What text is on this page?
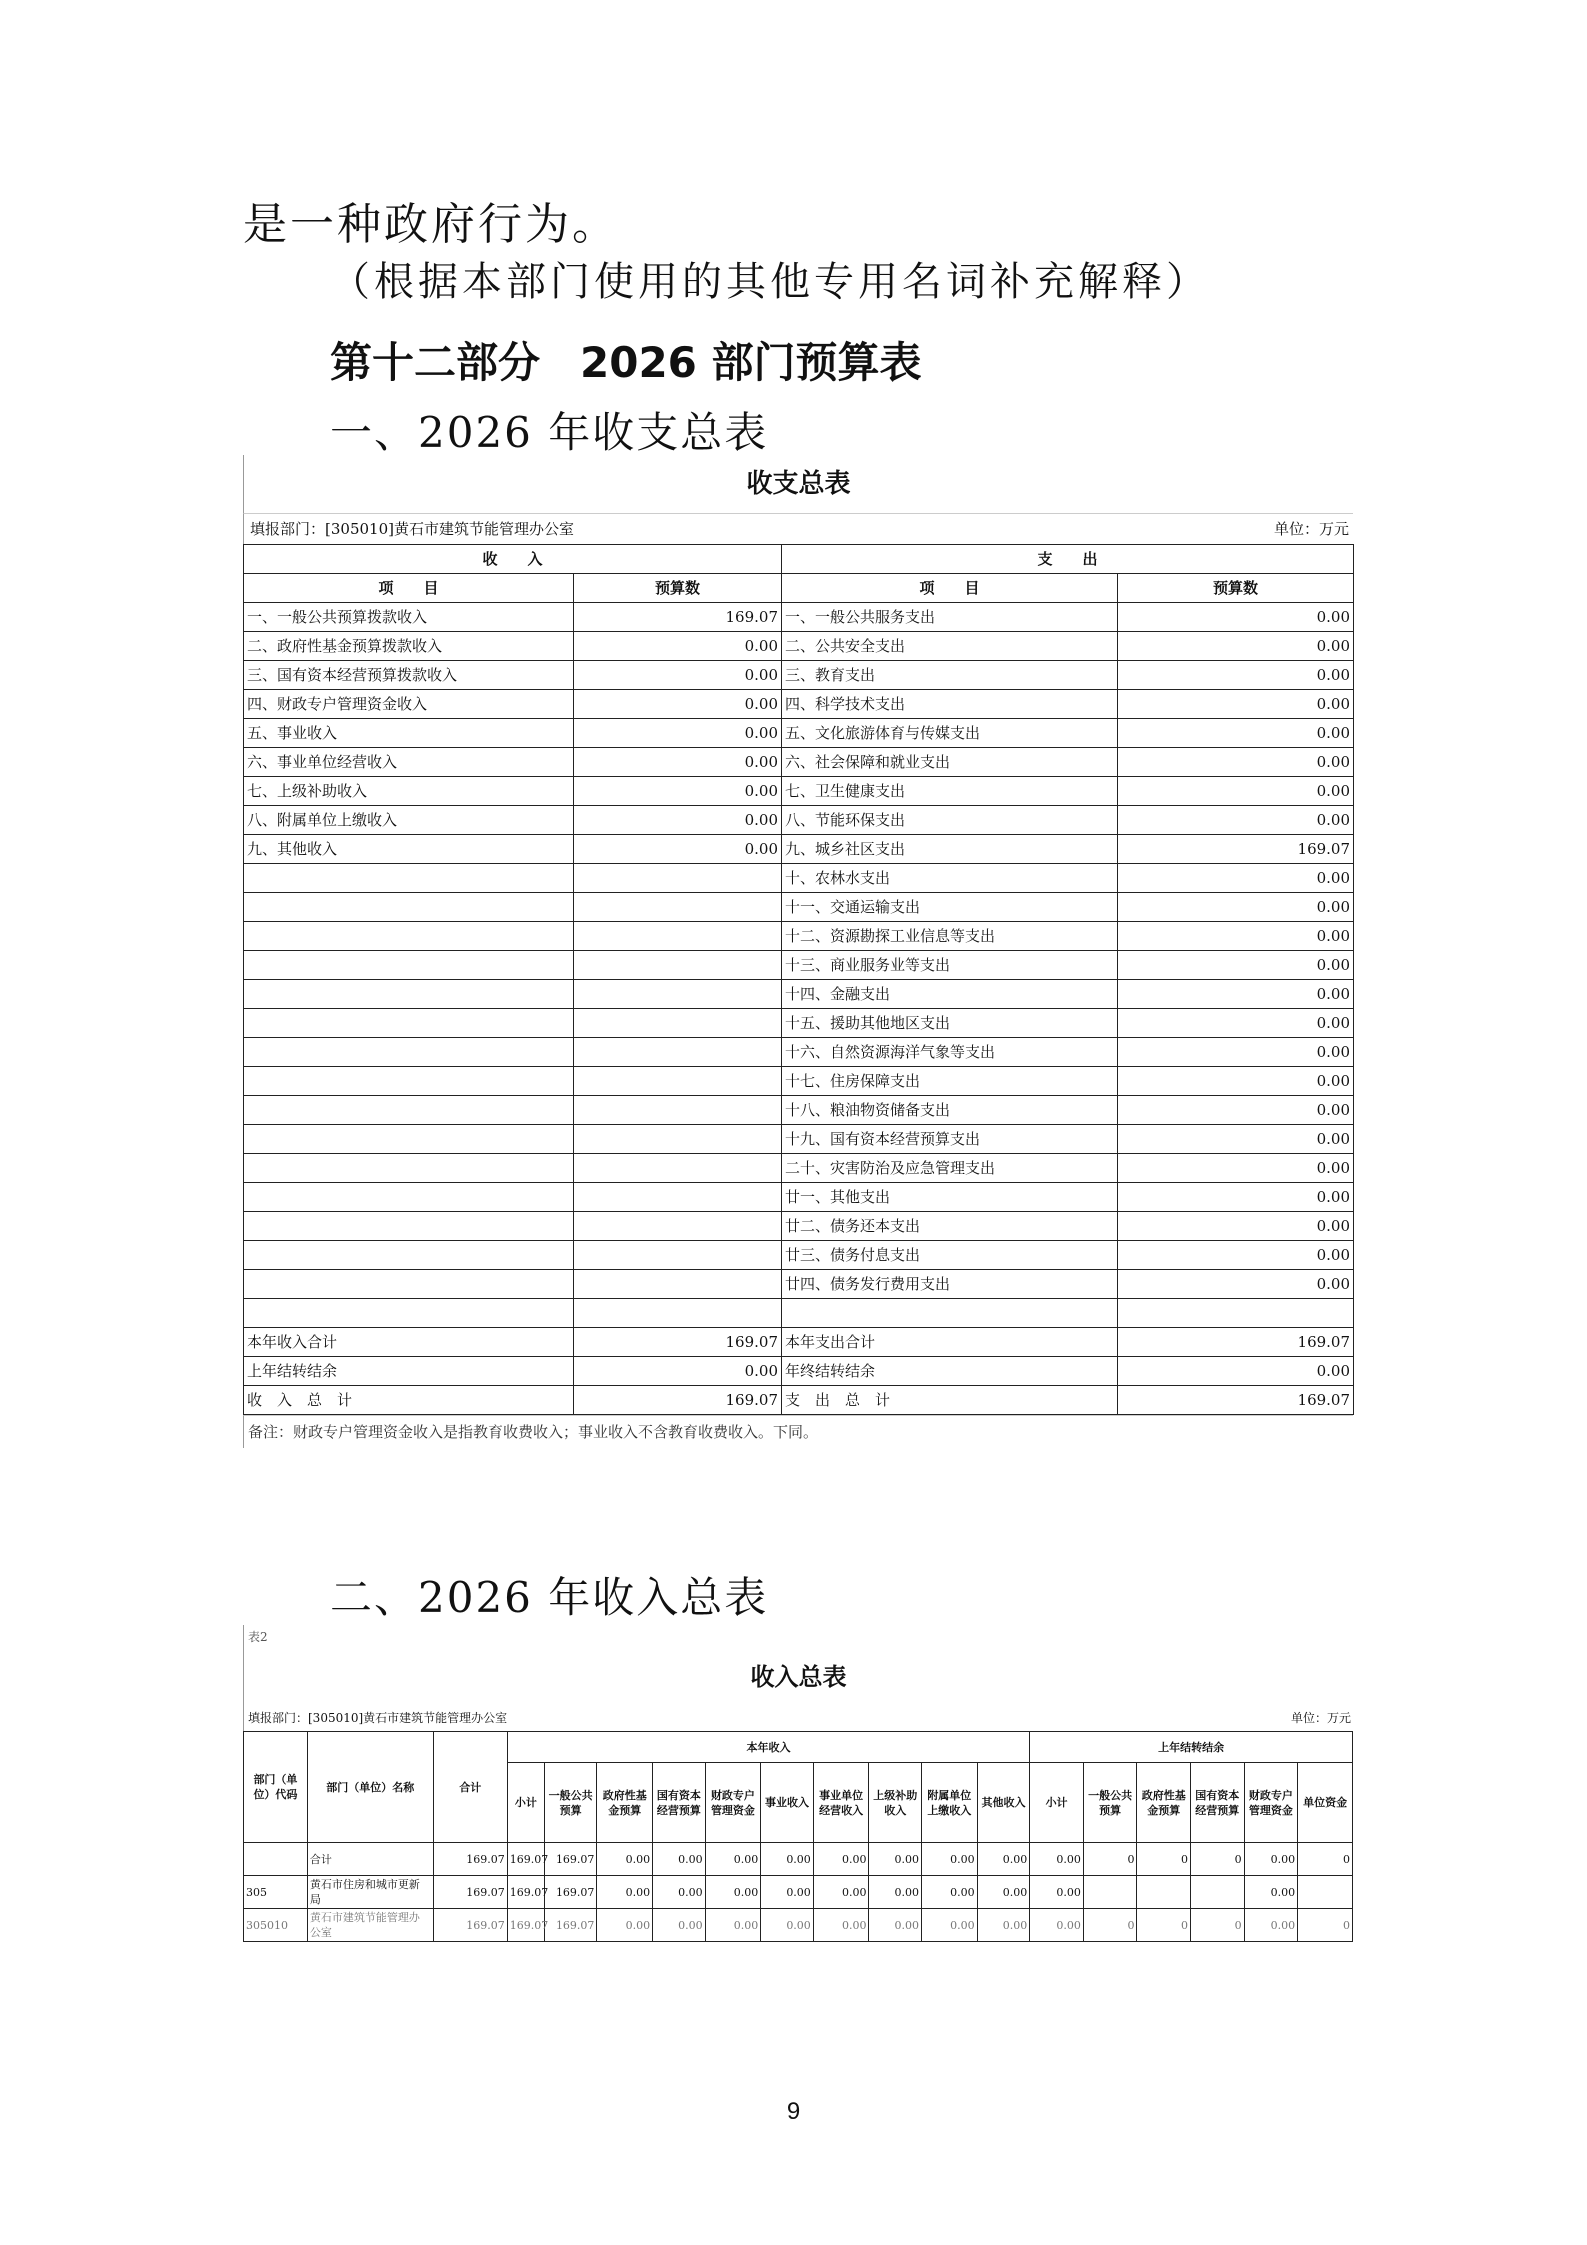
是一种政府行为。
（根据本部门使用的其他专用名词补充解释）
第十二部分 2026 部门预算表
一、2026 年收支总表
收支总表
填报部门：[305010]黄石市建筑节能管理办公室	单位：万元
收　　入		支　　出	
项　　目	预算数	项　　目	预算数
一、一般公共预算拨款收入	169.07	一、一般公共服务支出	0.00
二、政府性基金预算拨款收入	0.00	二、公共安全支出	0.00
三、国有资本经营预算拨款收入	0.00	三、教育支出	0.00
四、财政专户管理资金收入	0.00	四、科学技术支出	0.00
五、事业收入	0.00	五、文化旅游体育与传媒支出	0.00
六、事业单位经营收入	0.00	六、社会保障和就业支出	0.00
七、上级补助收入	0.00	七、卫生健康支出	0.00
八、附属单位上缴收入	0.00	八、节能环保支出	0.00
九、其他收入	0.00	九、城乡社区支出	169.07
		十、农林水支出	0.00
		十一、交通运输支出	0.00
		十二、资源勘探工业信息等支出	0.00
		十三、商业服务业等支出	0.00
		十四、金融支出	0.00
		十五、援助其他地区支出	0.00
		十六、自然资源海洋气象等支出	0.00
		十七、住房保障支出	0.00
		十八、粮油物资储备支出	0.00
		十九、国有资本经营预算支出	0.00
		二十、灾害防治及应急管理支出	0.00
		廿一、其他支出	0.00
		廿二、债务还本支出	0.00
		廿三、债务付息支出	0.00
		廿四、债务发行费用支出	0.00

本年收入合计	169.07	本年支出合计	169.07
上年结转结余	0.00	年终结转结余	0.00
收　入　总　计	169.07	支　出　总　计	169.07
备注：财政专户管理资金收入是指教育收费收入；事业收入不含教育收费收入。下同。
二、2026 年收入总表
表2
收入总表
填报部门：[305010]黄石市建筑节能管理办公室	单位：万元
部门（单位）代码	部门（单位）名称	合计	本年收入										上年结转结余					
			小计	一般公共预算	政府性基金预算	国有资本经营预算	财政专户管理资金	事业收入	事业单位经营收入	上级补助收入	附属单位上缴收入	其他收入	小计	一般公共预算	政府性基金预算	国有资本经营预算	财政专户管理资金	单位资金
	合计	169.07	169.07	169.07	0.00	0.00	0.00	0.00	0.00	0.00	0.00	0.00	0.00	0	0	0	0.00	0
305	黄石市住房和城市更新局	169.07	169.07	169.07	0.00	0.00	0.00	0.00	0.00	0.00	0.00	0.00	0.00				0.00	
305010	黄石市建筑节能管理办公室	169.07	169.07	169.07	0.00	0.00	0.00	0.00	0.00	0.00	0.00	0.00	0.00	0	0	0	0.00	0
9
